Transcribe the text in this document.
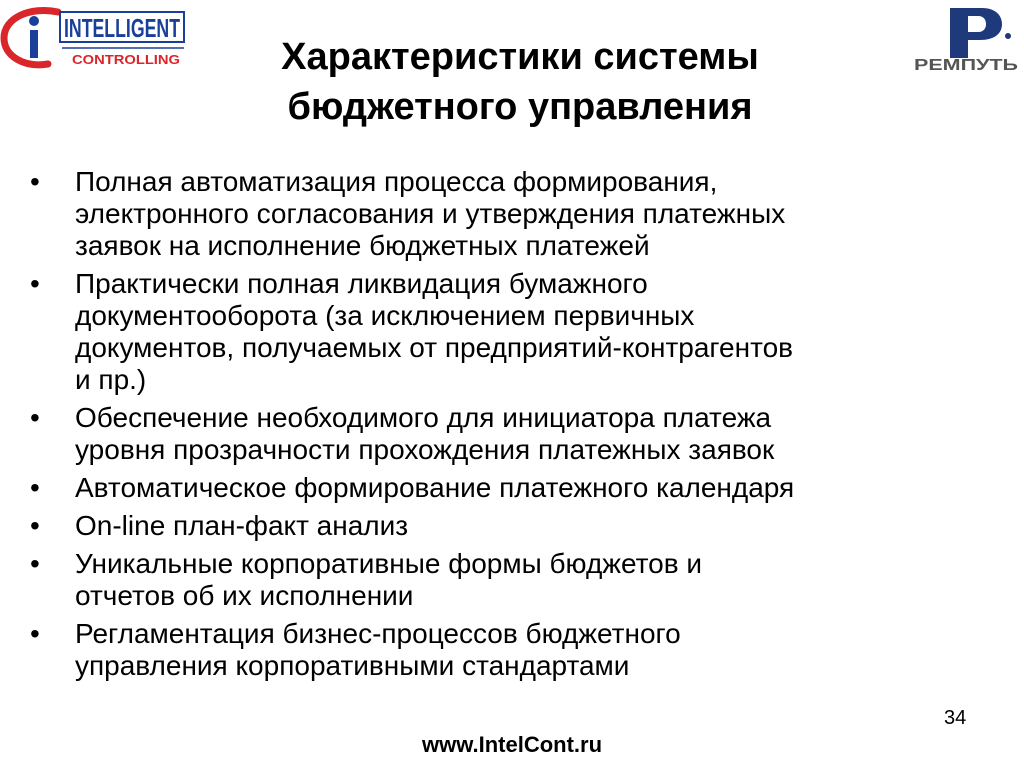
INTELLIGENT
CONTROLLING	РЕМПУТЬ
Характеристики системы
бюджетного управления
•	Полная автоматизация процесса формирования,
электронного согласования и утверждения платежных
заявок на исполнение бюджетных платежей
•	Практически полная ликвидация бумажного
документооборота (за исключением первичных
документов, получаемых от предприятий-контрагентов
и пр.)
•	Обеспечение необходимого для инициатора платежа
уровня прозрачности прохождения платежных заявок
•	Автоматическое формирование платежного календаря
•	On-line план-факт анализ
•	Уникальные корпоративные формы бюджетов и
отчетов об их исполнении
•	Регламентация бизнес-процессов бюджетного
управления корпоративными стандартами
34
www.IntelCont.ru
